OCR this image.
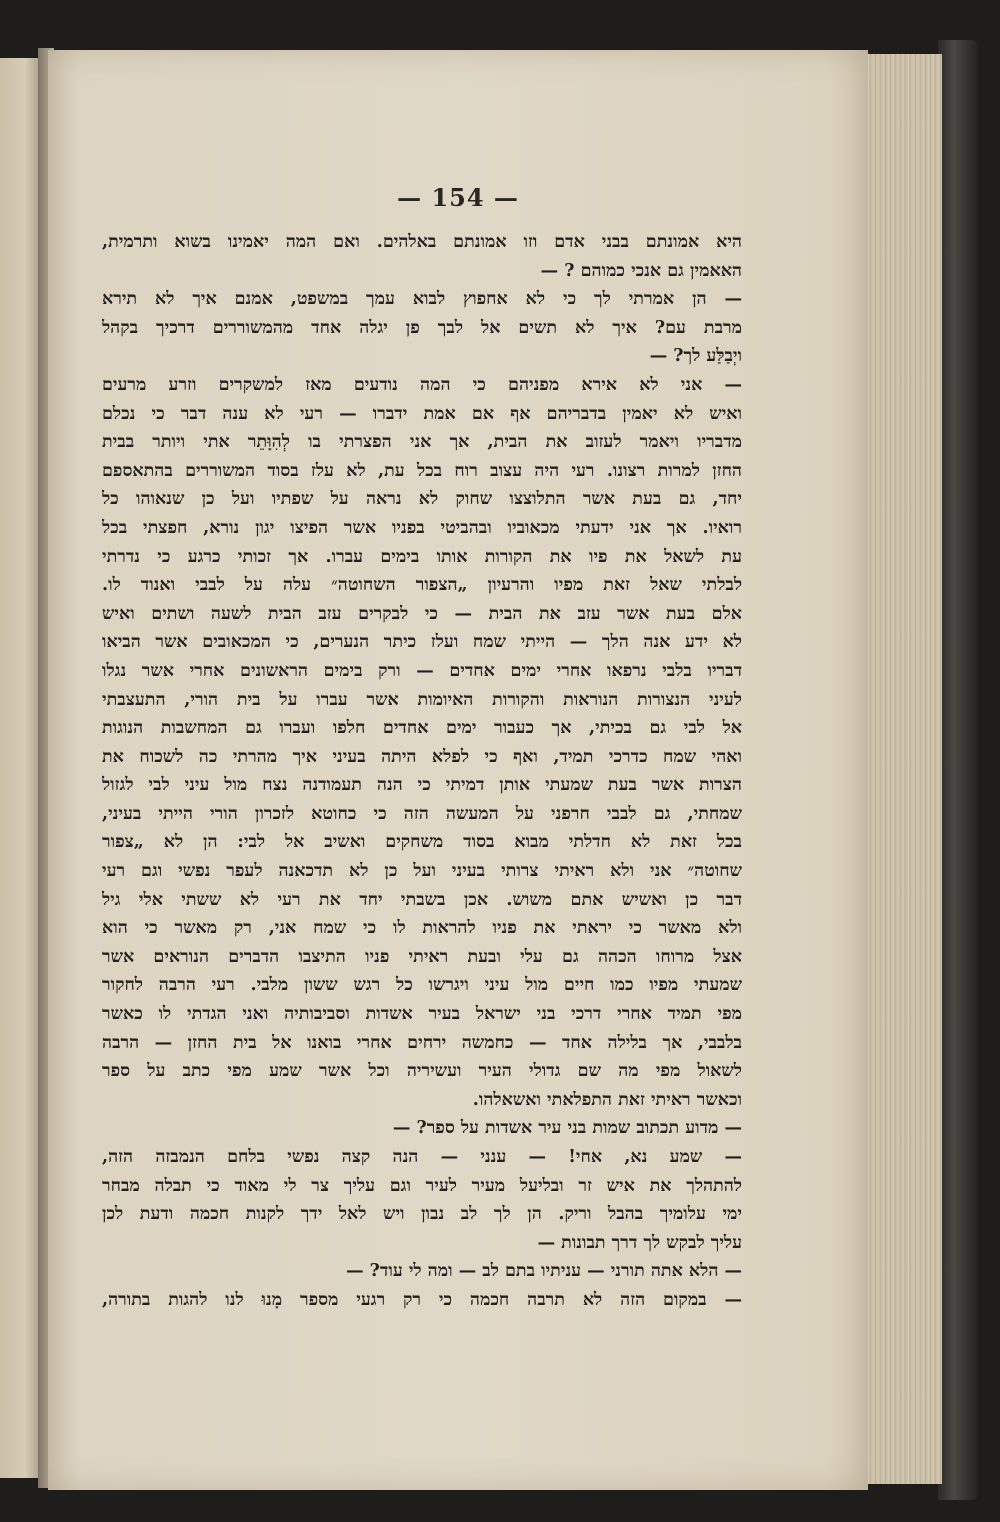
— 154 —
היא אמונתם בבני אדם וזו אמונתם באלהים. ואם המה יאמינו בשוא ותרמית,
האאמין גם אנכי כמוהם ? —
— הן אמרתי לך כי לא אחפוץ לבוא עמך במשפט, אמנם איך לא תירא
מרבת עם? איך לא תשים אל לבך פן יגלה אחד מהמשוררים דרכיך בקהל
ויְבַלַּע לך? —
— אני לא אירא מפניהם כי המה נודעים מאז למשקרים וזרע מרעים
ואיש לא יאמין בדבריהם אף אם אמת ידברו — רעי לא ענה דבר כי נכלם
מדבריו ויאמר לעזוב את הבית, אך אני הפצרתי בו לְהִוָּתֵר אתי ויותר בבית
החזן למרות רצונו. רעי היה עצוב רוח בכל עת, לא עלז בסוד המשוררים בהתאספם
יחד, גם בעת אשר התלוצצו שחוק לא נראה על שפתיו ועל כן שנאוהו כל
רואיו. אך אני ידעתי מכאוביו ובהביטי בפניו אשר הפיצו יגון נורא, חפצתי בכל
עת לשאל את פיו את הקורות אותו בימים עברו. אך זכותי כרגע כי נדרתי
לבלתי שאל זאת מפיו והרעיון „הצפור השחוטה״ עלה על לבבי ואנוד לו.
אלם בעת אשר עזב את הבית — כי לבקרים עזב הבית לשעה ושתים ואיש
לא ידע אנה הלך — הייתי שמח ועלז כיתר הנערים, כי המכאובים אשר הביאו
דבריו בלבי נרפאו אחרי ימים אחדים — ורק בימים הראשונים אחרי אשר נגלו
לעיני הנצורות הנוראות והקורות האיומות אשר עברו על בית הורי, התעצבתי
אל לבי גם בכיתי, אך כעבור ימים אחדים חלפו ועברו גם המחשבות הנוגות
ואהי שמח כדרכי תמיד, ואף כי לפלא היתה בעיני איך מהרתי כה לשכוח את
הצרות אשר בעת שמעתי אותן דמיתי כי הנה תעמודנה נצח מול עיני לבי לגזול
שמחתי, גם לבבי חרפני על המעשה הזה כי כחוטא לזכרון הורי הייתי בעיני,
בכל זאת לא חדלתי מבוא בסוד משחקים ואשיב אל לבי: הן לא „צפור
שחוטה״ אני ולא ראיתי צרותי בעיני ועל כן לא תדכאנה לעפר נפשי וגם רעי
דבר כן ואשיש אתם משוש. אכן בשבתי יחד את רעי לא ששתי אלי גיל
ולא מאשר כי יראתי את פניו להראות לו כי שמח אני, רק מאשר כי הוא
אצל מרוחו הכהה גם עלי ובעת ראיתי פניו התיצבו הדברים הנוראים אשר
שמעתי מפיו כמו חיים מול עיני ויגרשו כל רגש ששון מלבי. רעי הרבה לחקור
מפי תמיד אחרי דרכי בני ישראל בעיר אשדות וסביבותיה ואני הגדתי לו כאשר
בלבבי, אך בלילה אחד — כחמשה ירחים אחרי בואנו אל בית החזן — הרבה
לשאול מפי מה שם גדולי העיר ועשיריה וכל אשר שמע מפי כתב על ספר
וכאשר ראיתי זאת התפלאתי ואשאלהו.
— מדוע תכתוב שמות בני עיר אשדות על ספר? —
— שמע נא, אחי! — ענני — הנה קצה נפשי בלחם הנמבזה הזה,
להתהלך את איש זר ובליעל מעיר לעיר וגם עליך צר לי מאוד כי תבלה מבחר
ימי עלומיך בהבל וריק. הן לך לב נבון ויש לאל ידך לקנות חכמה ודעת לכן
עליך לבקש לך דרך תבונות —
— הלא אתה תורני — עניתיו בתם לב — ומה לי עוד? —
— במקום הזה לא תרבה חכמה כי רק רגעי מספר מָנוּ לנו להגות בתורה,
